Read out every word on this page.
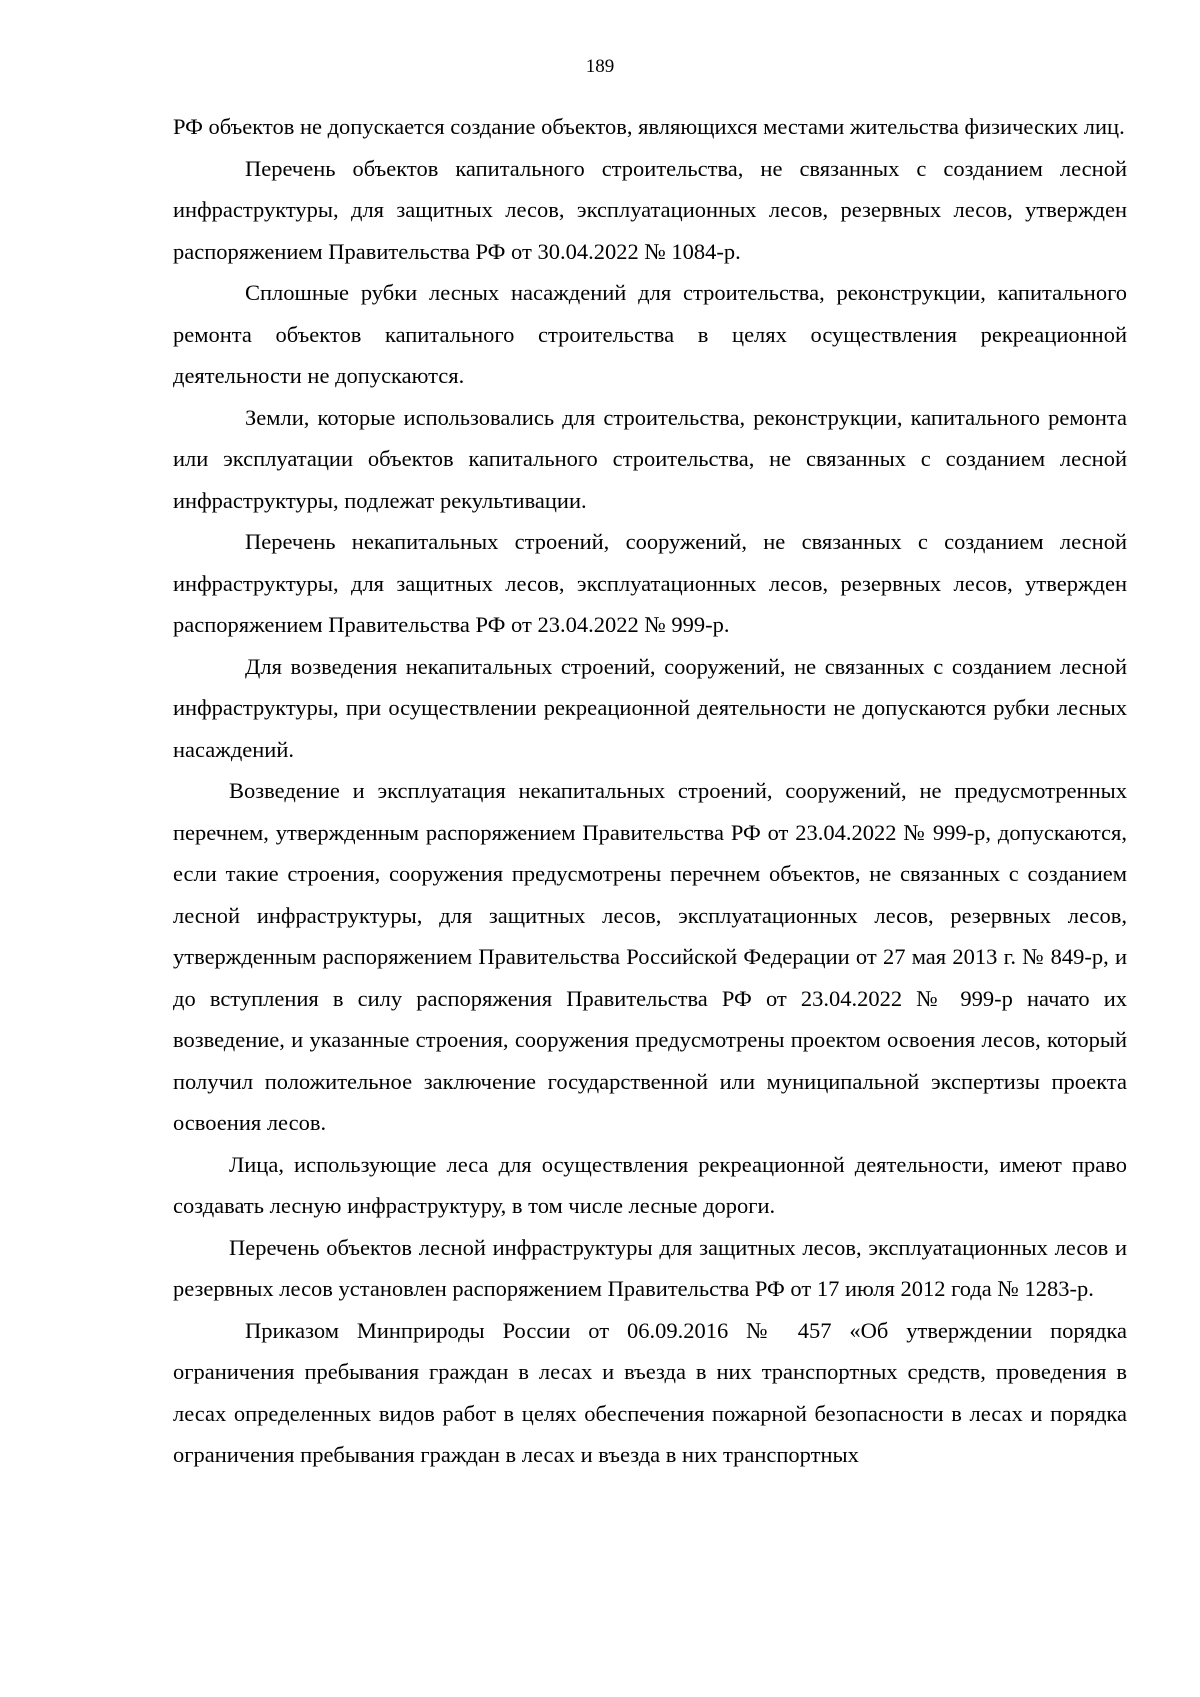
189

РФ объектов не допускается создание объектов, являющихся местами жительства физических лиц.

Перечень объектов капитального строительства, не связанных с созданием лесной инфраструктуры, для защитных лесов, эксплуатационных лесов, резервных лесов, утвержден распоряжением Правительства РФ от 30.04.2022 № 1084-р.

Сплошные рубки лесных насаждений для строительства, реконструкции, капитального ремонта объектов капитального строительства в целях осуществления рекреационной деятельности не допускаются.

Земли, которые использовались для строительства, реконструкции, капитального ремонта или эксплуатации объектов капитального строительства, не связанных с созданием лесной инфраструктуры, подлежат рекультивации.

Перечень некапитальных строений, сооружений, не связанных с созданием лесной инфраструктуры, для защитных лесов, эксплуатационных лесов, резервных лесов, утвержден распоряжением Правительства РФ от 23.04.2022 № 999-р.

Для возведения некапитальных строений, сооружений, не связанных с созданием лесной инфраструктуры, при осуществлении рекреационной деятельности не допускаются рубки лесных насаждений.

Возведение и эксплуатация некапитальных строений, сооружений, не предусмотренных перечнем, утвержденным распоряжением Правительства РФ от 23.04.2022 № 999-р, допускаются, если такие строения, сооружения предусмотрены перечнем объектов, не связанных с созданием лесной инфраструктуры, для защитных лесов, эксплуатационных лесов, резервных лесов, утвержденным распоряжением Правительства Российской Федерации от 27 мая 2013 г. № 849-р, и до вступления в силу распоряжения Правительства РФ от 23.04.2022 № 999-р начато их возведение, и указанные строения, сооружения предусмотрены проектом освоения лесов, который получил положительное заключение государственной или муниципальной экспертизы проекта освоения лесов.

Лица, использующие леса для осуществления рекреационной деятельности, имеют право создавать лесную инфраструктуру, в том числе лесные дороги.

Перечень объектов лесной инфраструктуры для защитных лесов, эксплуатационных лесов и резервных лесов установлен распоряжением Правительства РФ от 17 июля 2012 года № 1283-р.

Приказом Минприроды России от 06.09.2016 № 457 «Об утверждении порядка ограничения пребывания граждан в лесах и въезда в них транспортных средств, проведения в лесах определенных видов работ в целях обеспечения пожарной безопасности в лесах и порядка ограничения пребывания граждан в лесах и въезда в них транспортных
